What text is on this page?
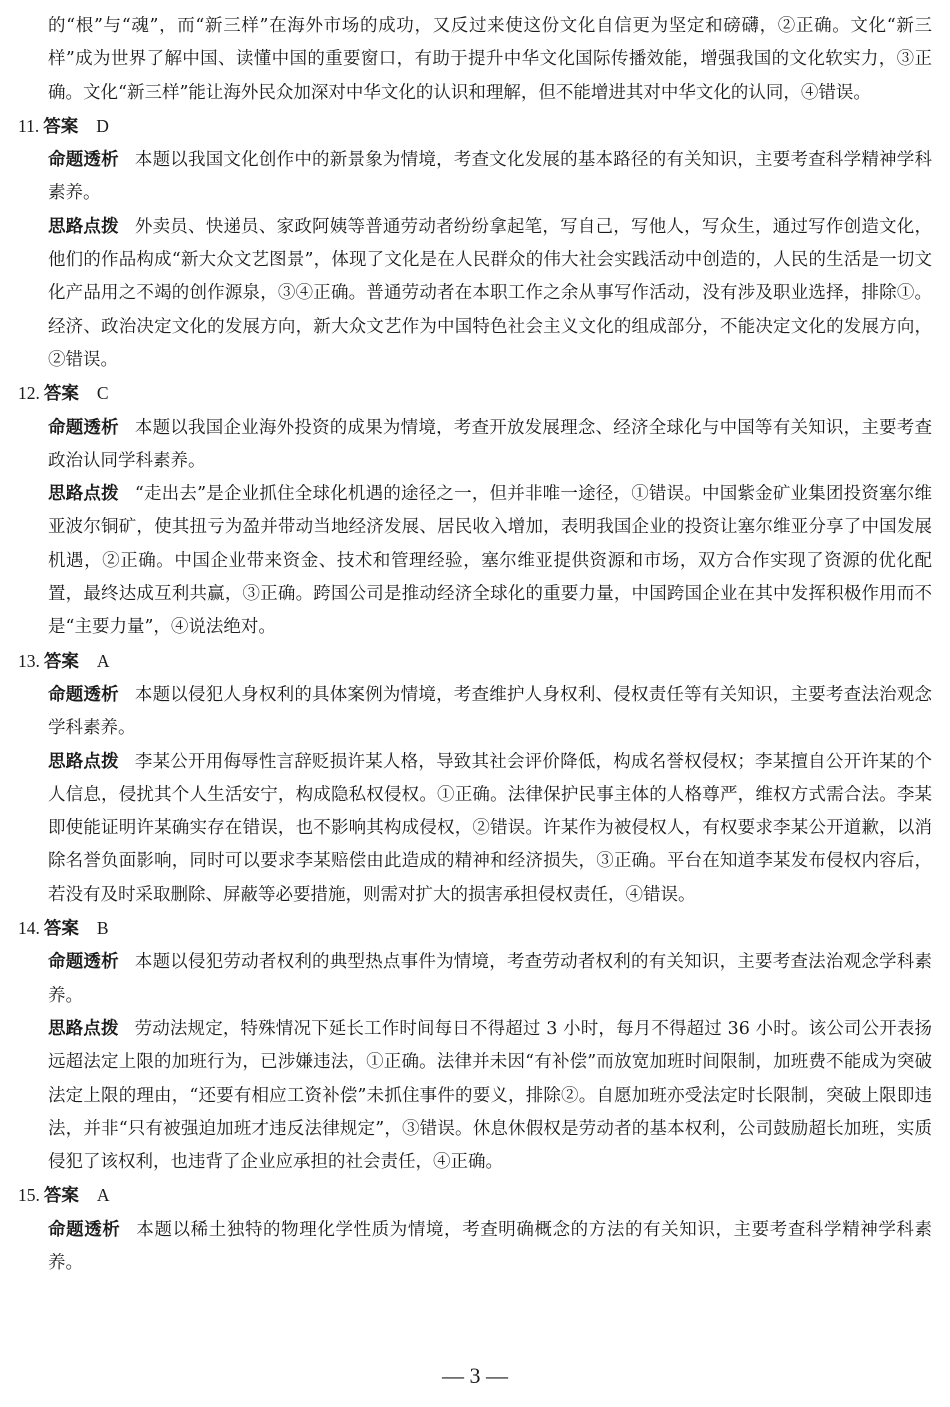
的“根”与“魂”，而“新三样”在海外市场的成功，又反过来使这份文化自信更为坚定和磅礴，②正确。文化“新三样”成为世界了解中国、读懂中国的重要窗口，有助于提升中华文化国际传播效能，增强我国的文化软实力，③正确。文化“新三样”能让海外民众加深对中华文化的认识和理解，但不能增进其对中华文化的认同，④错误。

11. 答案 D

命题透析 本题以我国文化创作中的新景象为情境，考查文化发展的基本路径的有关知识，主要考查科学精神学科素养。

思路点拨 外卖员、快递员、家政阿姨等普通劳动者纷纷拿起笔，写自己，写他人，写众生，通过写作创造文化，他们的作品构成“新大众文艺图景”，体现了文化是在人民群众的伟大社会实践活动中创造的，人民的生活是一切文化产品用之不竭的创作源泉，③④正确。普通劳动者在本职工作之余从事写作活动，没有涉及职业选择，排除①。经济、政治决定文化的发展方向，新大众文艺作为中国特色社会主义文化的组成部分，不能决定文化的发展方向，②错误。

12. 答案 C

命题透析 本题以我国企业海外投资的成果为情境，考查开放发展理念、经济全球化与中国等有关知识，主要考查政治认同学科素养。

思路点拨 “走出去”是企业抓住全球化机遇的途径之一，但并非唯一途径，①错误。中国紫金矿业集团投资塞尔维亚波尔铜矿，使其扭亏为盈并带动当地经济发展、居民收入增加，表明我国企业的投资让塞尔维亚分享了中国发展机遇，②正确。中国企业带来资金、技术和管理经验，塞尔维亚提供资源和市场，双方合作实现了资源的优化配置，最终达成互利共赢，③正确。跨国公司是推动经济全球化的重要力量，中国跨国企业在其中发挥积极作用而不是“主要力量”，④说法绝对。

13. 答案 A

命题透析 本题以侵犯人身权利的具体案例为情境，考查维护人身权利、侵权责任等有关知识，主要考查法治观念学科素养。

思路点拨 李某公开用侮辱性言辞贬损许某人格，导致其社会评价降低，构成名誉权侵权；李某擅自公开许某的个人信息，侵扰其个人生活安宁，构成隐私权侵权。①正确。法律保护民事主体的人格尊严，维权方式需合法。李某即使能证明许某确实存在错误，也不影响其构成侵权，②错误。许某作为被侵权人，有权要求李某公开道歉，以消除名誉负面影响，同时可以要求李某赔偿由此造成的精神和经济损失，③正确。平台在知道李某发布侵权内容后，若没有及时采取删除、屏蔽等必要措施，则需对扩大的损害承担侵权责任，④错误。

14. 答案 B

命题透析 本题以侵犯劳动者权利的典型热点事件为情境，考查劳动者权利的有关知识，主要考查法治观念学科素养。

思路点拨 劳动法规定，特殊情况下延长工作时间每日不得超过 3 小时，每月不得超过 36 小时。该公司公开表扬远超法定上限的加班行为，已涉嫌违法，①正确。法律并未因“有补偿”而放宽加班时间限制，加班费不能成为突破法定上限的理由，“还要有相应工资补偿”未抓住事件的要义，排除②。自愿加班亦受法定时长限制，突破上限即违法，并非“只有被强迫加班才违反法律规定”，③错误。休息休假权是劳动者的基本权利，公司鼓励超长加班，实质侵犯了该权利，也违背了企业应承担的社会责任，④正确。

15. 答案 A

命题透析 本题以稀土独特的物理化学性质为情境，考查明确概念的方法的有关知识，主要考查科学精神学科素养。

— 3 —
